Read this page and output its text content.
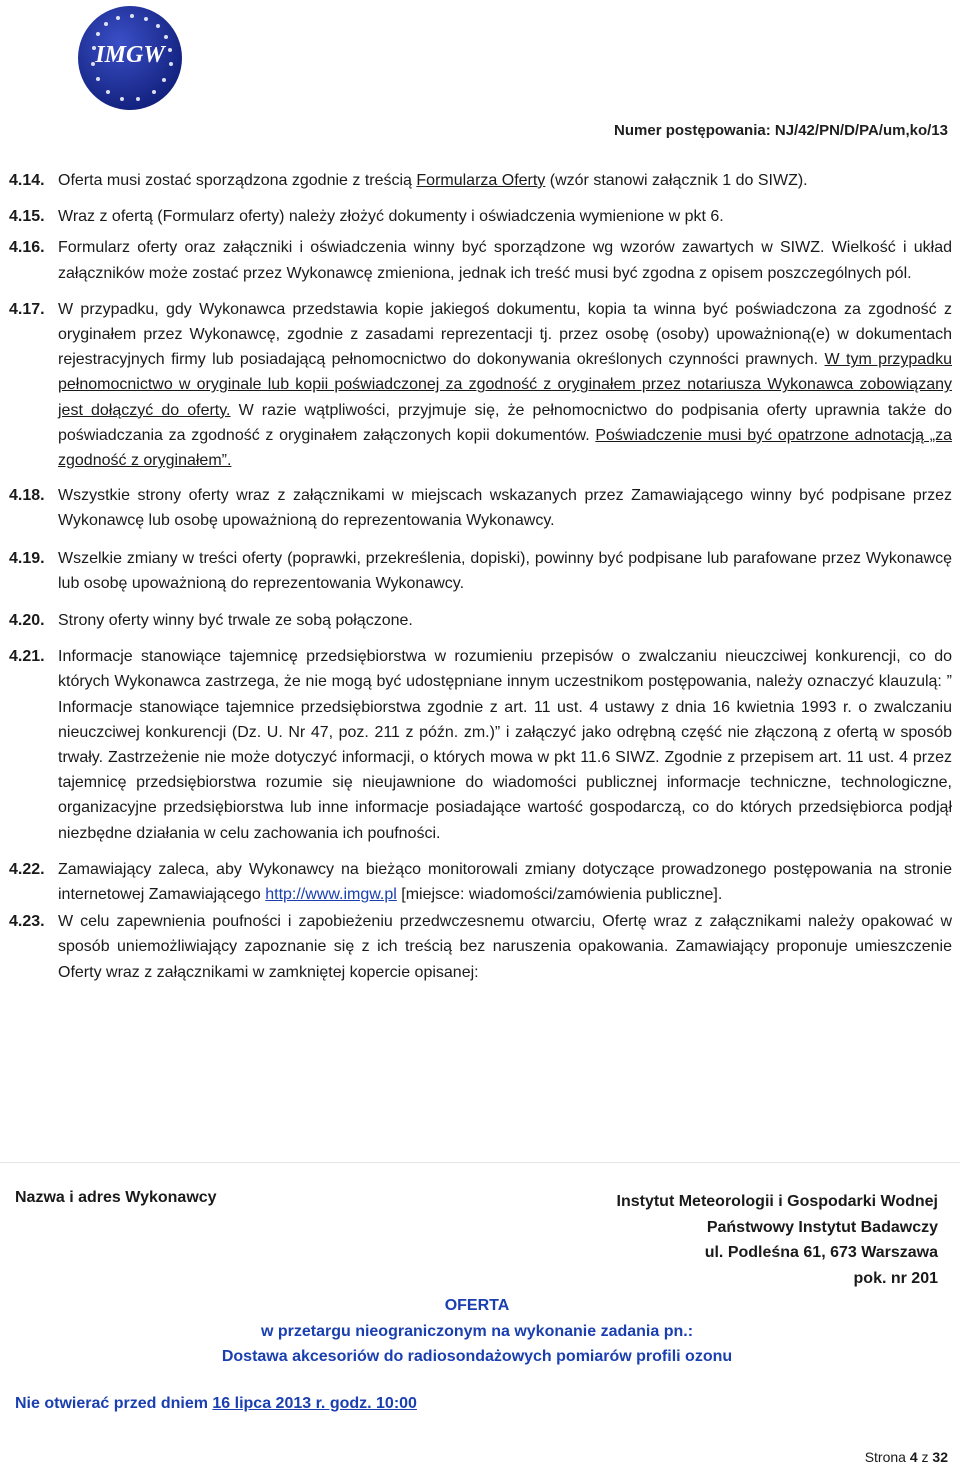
IMGW
Numer postępowania: NJ/42/PN/D/PA/um,ko/13
4.14. Oferta musi zostać sporządzona zgodnie z treścią Formularza Oferty (wzór stanowi załącznik 1 do SIWZ).
4.15. Wraz z ofertą (Formularz oferty) należy złożyć dokumenty i oświadczenia wymienione w pkt 6.
4.16. Formularz oferty oraz załączniki i oświadczenia winny być sporządzone wg wzorów zawartych w SIWZ. Wielkość i układ załączników może zostać przez Wykonawcę zmieniona, jednak ich treść musi być zgodna z opisem poszczególnych pól.
4.17. W przypadku, gdy Wykonawca przedstawia kopie jakiegoś dokumentu, kopia ta winna być poświadczona za zgodność z oryginałem przez Wykonawcę, zgodnie z zasadami reprezentacji tj. przez osobę (osoby) upoważnioną(e) w dokumentach rejestracyjnych firmy lub posiadającą pełnomocnictwo do dokonywania określonych czynności prawnych. W tym przypadku pełnomocnictwo w oryginale lub kopii poświadczonej za zgodność z oryginałem przez notariusza Wykonawca zobowiązany jest dołączyć do oferty. W razie wątpliwości, przyjmuje się, że pełnomocnictwo do podpisania oferty uprawnia także do poświadczania za zgodność z oryginałem załączonych kopii dokumentów. Poświadczenie musi być opatrzone adnotacją „za zgodność z oryginałem”.
4.18. Wszystkie strony oferty wraz z załącznikami w miejscach wskazanych przez Zamawiającego winny być podpisane przez Wykonawcę lub osobę upoważnioną do reprezentowania Wykonawcy.
4.19. Wszelkie zmiany w treści oferty (poprawki, przekreślenia, dopiski), powinny być podpisane lub parafowane przez Wykonawcę lub osobę upoważnioną do reprezentowania Wykonawcy.
4.20. Strony oferty winny być trwale ze sobą połączone.
4.21. Informacje stanowiące tajemnicę przedsiębiorstwa w rozumieniu przepisów o zwalczaniu nieuczciwej konkurencji, co do których Wykonawca zastrzega, że nie mogą być udostępniane innym uczestnikom postępowania, należy oznaczyć klauzulą: ” Informacje stanowiące tajemnice przedsiębiorstwa zgodnie z art. 11 ust. 4 ustawy z dnia 16 kwietnia 1993 r. o zwalczaniu nieuczciwej konkurencji (Dz. U. Nr 47, poz. 211 z późn. zm.)” i załączyć jako odrębną część nie złączoną z ofertą w sposób trwały. Zastrzeżenie nie może dotyczyć informacji, o których mowa w pkt 11.6 SIWZ. Zgodnie z przepisem art. 11 ust. 4 przez tajemnicę przedsiębiorstwa rozumie się nieujawnione do wiadomości publicznej informacje techniczne, technologiczne, organizacyjne przedsiębiorstwa lub inne informacje posiadające wartość gospodarczą, co do których przedsiębiorca podjął niezbędne działania w celu zachowania ich poufności.
4.22. Zamawiający zaleca, aby Wykonawcy na bieżąco monitorowali zmiany dotyczące prowadzonego postępowania na stronie internetowej Zamawiającego http://www.imgw.pl [miejsce: wiadomości/zamówienia publiczne].
4.23. W celu zapewnienia poufności i zapobieżeniu przedwczesnemu otwarciu, Ofertę wraz z załącznikami należy opakować w sposób uniemożliwiający zapoznanie się z ich treścią bez naruszenia opakowania. Zamawiający proponuje umieszczenie Oferty wraz z załącznikami w zamkniętej kopercie opisanej:
Nazwa i adres Wykonawcy	Instytut Meteorologii i Gospodarki Wodnej
Państwowy Instytut Badawczy
ul. Podleśna 61, 673 Warszawa
pok. nr 201
OFERTA
w przetargu nieograniczonym na wykonanie zadania pn.:
Dostawa akcesoriów do radiosondażowych pomiarów profili ozonu
Nie otwierać przed dniem 16 lipca 2013 r. godz. 10:00
Strona 4 z 32
